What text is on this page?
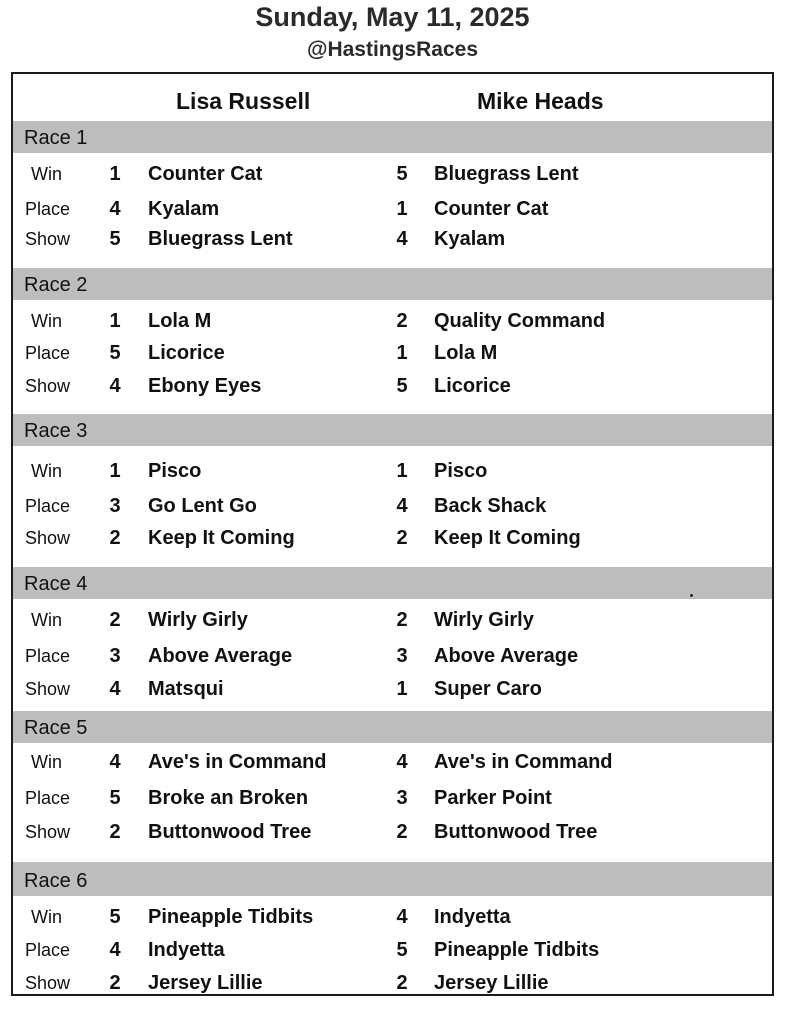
Sunday, May 11, 2025
@HastingsRaces
Lisa Russell	Mike Heads
Race 1
Win 1 Counter Cat	5 Bluegrass Lent
Place 4 Kyalam	1 Counter Cat
Show 5 Bluegrass Lent	4 Kyalam
Race 2
Win 1 Lola M	2 Quality Command
Place 5 Licorice	1 Lola M
Show 4 Ebony Eyes	5 Licorice
Race 3
Win 1 Pisco	1 Pisco
Place 3 Go Lent Go	4 Back Shack
Show 2 Keep It Coming	2 Keep It Coming
Race 4
Win 2 Wirly Girly	2 Wirly Girly
Place 3 Above Average	3 Above Average
Show 4 Matsqui	1 Super Caro
Race 5
Win 4 Ave's in Command	4 Ave's in Command
Place 5 Broke an Broken	3 Parker Point
Show 2 Buttonwood Tree	2 Buttonwood Tree
Race 6
Win 5 Pineapple Tidbits	4 Indyetta
Place 4 Indyetta	5 Pineapple Tidbits
Show 2 Jersey Lillie	2 Jersey Lillie
